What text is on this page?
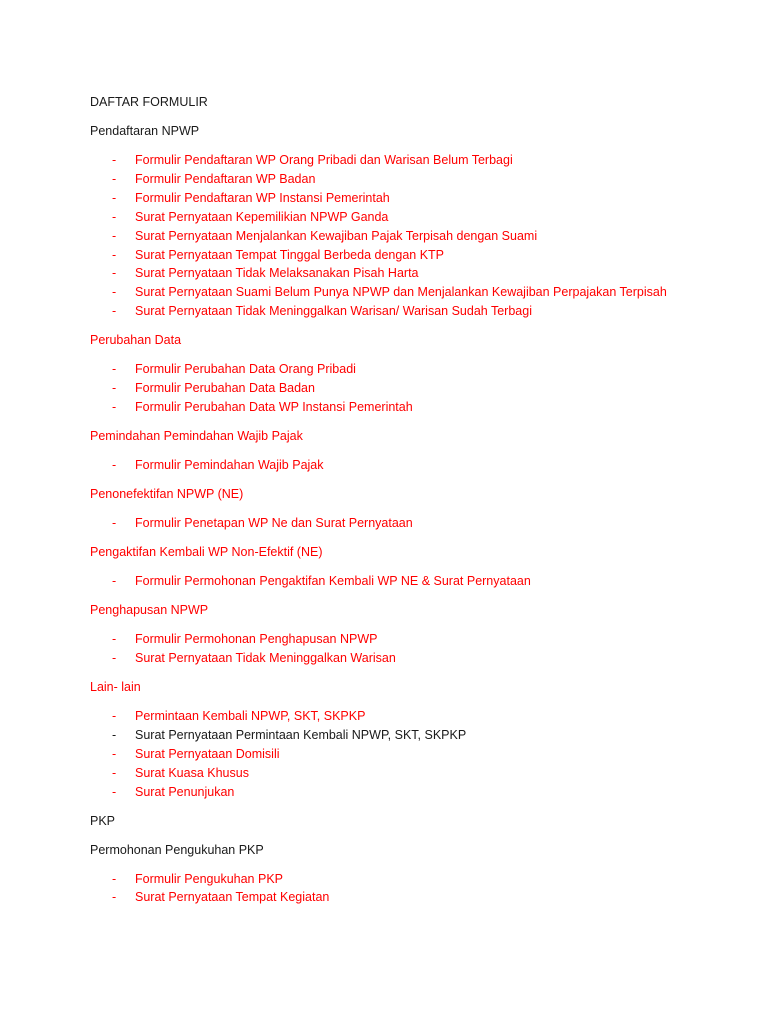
DAFTAR FORMULIR
Pendaftaran NPWP
- Formulir Pendaftaran WP Orang Pribadi dan Warisan Belum Terbagi
- Formulir Pendaftaran WP Badan
- Formulir Pendaftaran WP Instansi Pemerintah
- Surat Pernyataan Kepemilikian NPWP Ganda
- Surat Pernyataan Menjalankan Kewajiban Pajak Terpisah dengan Suami
- Surat Pernyataan Tempat Tinggal Berbeda dengan KTP
- Surat Pernyataan Tidak Melaksanakan Pisah Harta
- Surat Pernyataan Suami Belum Punya NPWP dan Menjalankan Kewajiban Perpajakan Terpisah
- Surat Pernyataan Tidak Meninggalkan Warisan/ Warisan Sudah Terbagi
Perubahan Data
- Formulir Perubahan Data Orang Pribadi
- Formulir Perubahan Data Badan
- Formulir Perubahan Data WP Instansi Pemerintah
Pemindahan Pemindahan Wajib Pajak
- Formulir Pemindahan Wajib Pajak
Penonefektifan NPWP (NE)
- Formulir Penetapan WP Ne dan Surat Pernyataan
Pengaktifan Kembali WP Non-Efektif (NE)
- Formulir Permohonan Pengaktifan Kembali WP NE & Surat Pernyataan
Penghapusan NPWP
- Formulir Permohonan Penghapusan NPWP
- Surat Pernyataan Tidak Meninggalkan Warisan
Lain- lain
- Permintaan Kembali NPWP, SKT, SKPKP
- Surat Pernyataan Permintaan Kembali NPWP, SKT, SKPKP
- Surat Pernyataan Domisili
- Surat Kuasa Khusus
- Surat Penunjukan
PKP
Permohonan Pengukuhan PKP
- Formulir Pengukuhan PKP
- Surat Pernyataan Tempat Kegiatan
